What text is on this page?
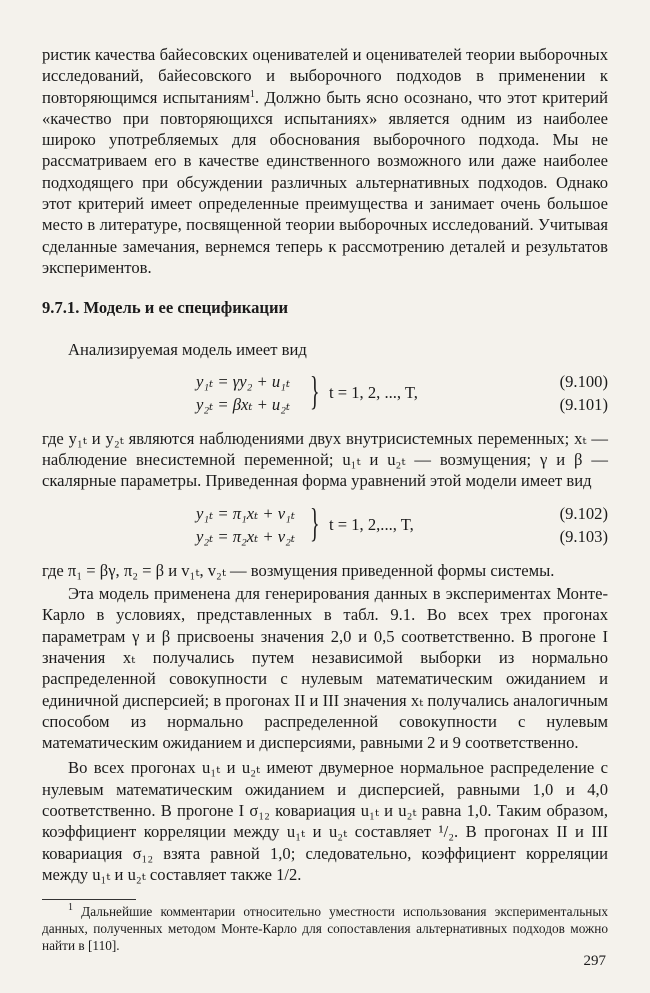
ристик качества байесовских оценивателей и оценивателей теории выборочных исследований, байесовского и выборочного подходов в применении к повторяющимся испытаниям$^1$. Должно быть ясно осознано, что этот критерий «качество при повторяющихся испытаниях» является одним из наиболее широко употребляемых для обоснования выборочного подхода. Мы не рассматриваем его в качестве единственного возможного или даже наиболее подходящего при обсуждении различных альтернативных подходов. Однако этот критерий имеет определенные преимущества и занимает очень большое место в литературе, посвященной теории выборочных исследований. Учитывая сделанные замечания, вернемся теперь к рассмотрению деталей и результатов экспериментов.

9.7.1. Модель и ее спецификации

Анализируемая модель имеет вид

y₁ₜ = γy₂ + u₁ₜ
y₂ₜ = βxₜ + u₂ₜ } t = 1, 2, ..., T,
(9.100)
(9.101)

где y₁ₜ и y₂ₜ являются наблюдениями двух внутрисистемных переменных; xₜ — наблюдение внесистемной переменной; u₁ₜ и u₂ₜ — возмущения; γ и β — скалярные параметры. Приведенная форма уравнений этой модели имеет вид

y₁ₜ = π₁xₜ + v₁ₜ
y₂ₜ = π₂xₜ + v₂ₜ } t = 1, 2,..., T,
(9.102)
(9.103)

где π₁ = βγ, π₂ = β и v₁ₜ, v₂ₜ — возмущения приведенной формы системы.

Эта модель применена для генерирования данных в экспериментах Монте-Карло в условиях, представленных в табл. 9.1. Во всех трех прогонах параметрам γ и β присвоены значения 2,0 и 0,5 соответственно. В прогоне I значения xₜ получались путем независимой выборки из нормально распределенной совокупности с нулевым математическим ожиданием и единичной дисперсией; в прогонах II и III значения xₜ получались аналогичным способом из нормально распределенной совокупности с нулевым математическим ожиданием и дисперсиями, равными 2 и 9 соответственно.

Во всех прогонах u₁ₜ и u₂ₜ имеют двумерное нормальное распределение с нулевым математическим ожиданием и дисперсией, равными 1,0 и 4,0 соответственно. В прогоне I σ₁₂ ковариация u₁ₜ и u₂ₜ равна 1,0. Таким образом, коэффициент корреляции между u₁ₜ и u₂ₜ составляет ¹/₂. В прогонах II и III ковариация σ₁₂ взята равной 1,0; следовательно, коэффициент корреляции между u₁ₜ и u₂ₜ составляет также 1/2.

$^1$ Дальнейшие комментарии относительно уместности использования экспериментальных данных, полученных методом Монте-Карло для сопоставления альтернативных подходов можно найти в [110].

297
